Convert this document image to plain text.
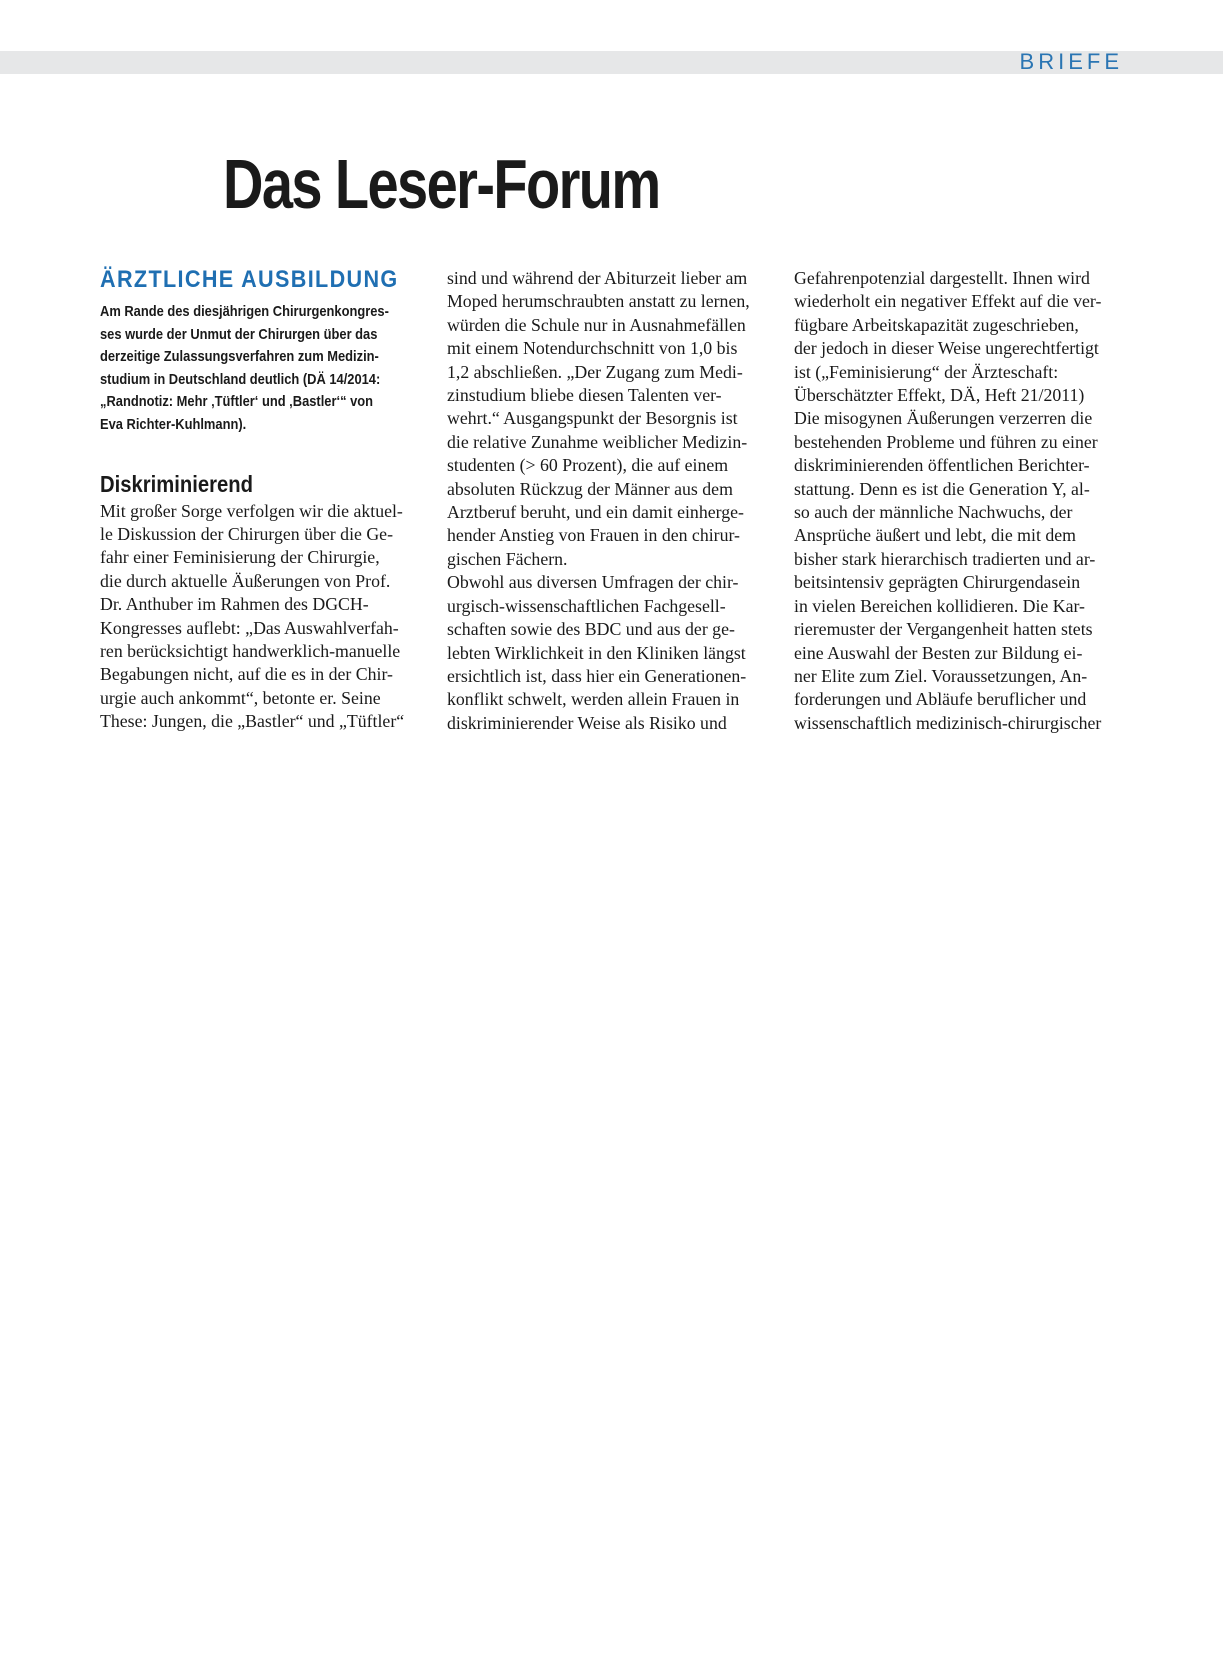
BRIEFE
Das Leser-Forum
ÄRZTLICHE AUSBILDUNG
Am Rande des diesjährigen Chirurgenkongres-
ses wurde der Unmut der Chirurgen über das
derzeitige Zulassungsverfahren zum Medizin-
studium in Deutschland deutlich (DÄ 14/2014:
„Randnotiz: Mehr ‚Tüftler‘ und ‚Bastler‘“ von
Eva Richter-Kuhlmann).
Diskriminierend
Mit großer Sorge verfolgen wir die aktuel-
le Diskussion der Chirurgen über die Ge-
fahr einer Feminisierung der Chirurgie,
die durch aktuelle Äußerungen von Prof.
Dr. Anthuber im Rahmen des DGCH-
Kongresses auflebt: „Das Auswahlverfah-
ren berücksichtigt handwerklich-manuelle
Begabungen nicht, auf die es in der Chir-
urgie auch ankommt“, betonte er. Seine
These: Jungen, die „Bastler“ und „Tüftler“
sind und während der Abiturzeit lieber am
Moped herumschraubten anstatt zu lernen,
würden die Schule nur in Ausnahmefällen
mit einem Notendurchschnitt von 1,0 bis
1,2 abschließen. „Der Zugang zum Medi-
zinstudium bliebe diesen Talenten ver-
wehrt.“ Ausgangspunkt der Besorgnis ist
die relative Zunahme weiblicher Medizin-
studenten (> 60 Prozent), die auf einem
absoluten Rückzug der Männer aus dem
Arztberuf beruht, und ein damit einherge-
hender Anstieg von Frauen in den chirur-
gischen Fächern.
Obwohl aus diversen Umfragen der chir-
urgisch-wissenschaftlichen Fachgesell-
schaften sowie des BDC und aus der ge-
lebten Wirklichkeit in den Kliniken längst
ersichtlich ist, dass hier ein Generationen-
konflikt schwelt, werden allein Frauen in
diskriminierender Weise als Risiko und
Gefahrenpotenzial dargestellt. Ihnen wird
wiederholt ein negativer Effekt auf die ver-
fügbare Arbeitskapazität zugeschrieben,
der jedoch in dieser Weise ungerechtfertigt
ist („Feminisierung“ der Ärzteschaft:
Überschätzter Effekt, DÄ, Heft 21/2011)
Die misogynen Äußerungen verzerren die
bestehenden Probleme und führen zu einer
diskriminierenden öffentlichen Berichter-
stattung. Denn es ist die Generation Y, al-
so auch der männliche Nachwuchs, der
Ansprüche äußert und lebt, die mit dem
bisher stark hierarchisch tradierten und ar-
beitsintensiv geprägten Chirurgendasein
in vielen Bereichen kollidieren. Die Kar-
rieremuster der Vergangenheit hatten stets
eine Auswahl der Besten zur Bildung ei-
ner Elite zum Ziel. Voraussetzungen, An-
forderungen und Abläufe beruflicher und
wissenschaftlich medizinisch-chirurgischer
